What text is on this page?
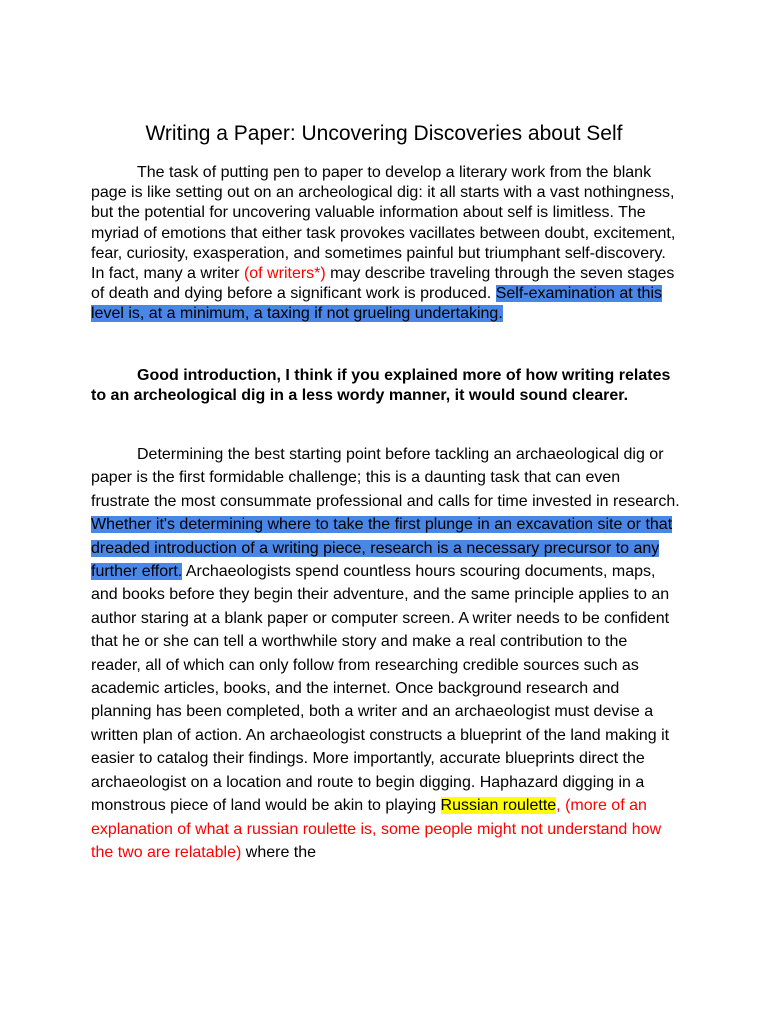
Writing a Paper: Uncovering Discoveries about Self

The task of putting pen to paper to develop a literary work from the blank page is like setting out on an archeological dig: it all starts with a vast nothingness, but the potential for uncovering valuable information about self is limitless. The myriad of emotions that either task provokes vacillates between doubt, excitement, fear, curiosity, exasperation, and sometimes painful but triumphant self-discovery. In fact, many a writer (of writers*) may describe traveling through the seven stages of death and dying before a significant work is produced. Self-examination at this level is, at a minimum, a taxing if not grueling undertaking.

Good introduction, I think if you explained more of how writing relates to an archeological dig in a less wordy manner, it would sound clearer.

Determining the best starting point before tackling an archaeological dig or paper is the first formidable challenge; this is a daunting task that can even frustrate the most consummate professional and calls for time invested in research. Whether it's determining where to take the first plunge in an excavation site or that dreaded introduction of a writing piece, research is a necessary precursor to any further effort. Archaeologists spend countless hours scouring documents, maps, and books before they begin their adventure, and the same principle applies to an author staring at a blank paper or computer screen. A writer needs to be confident that he or she can tell a worthwhile story and make a real contribution to the reader, all of which can only follow from researching credible sources such as academic articles, books, and the internet. Once background research and planning has been completed, both a writer and an archaeologist must devise a written plan of action. An archaeologist constructs a blueprint of the land making it easier to catalog their findings. More importantly, accurate blueprints direct the archaeologist on a location and route to begin digging. Haphazard digging in a monstrous piece of land would be akin to playing Russian roulette, (more of an explanation of what a russian roulette is, some people might not understand how the two are relatable) where the
